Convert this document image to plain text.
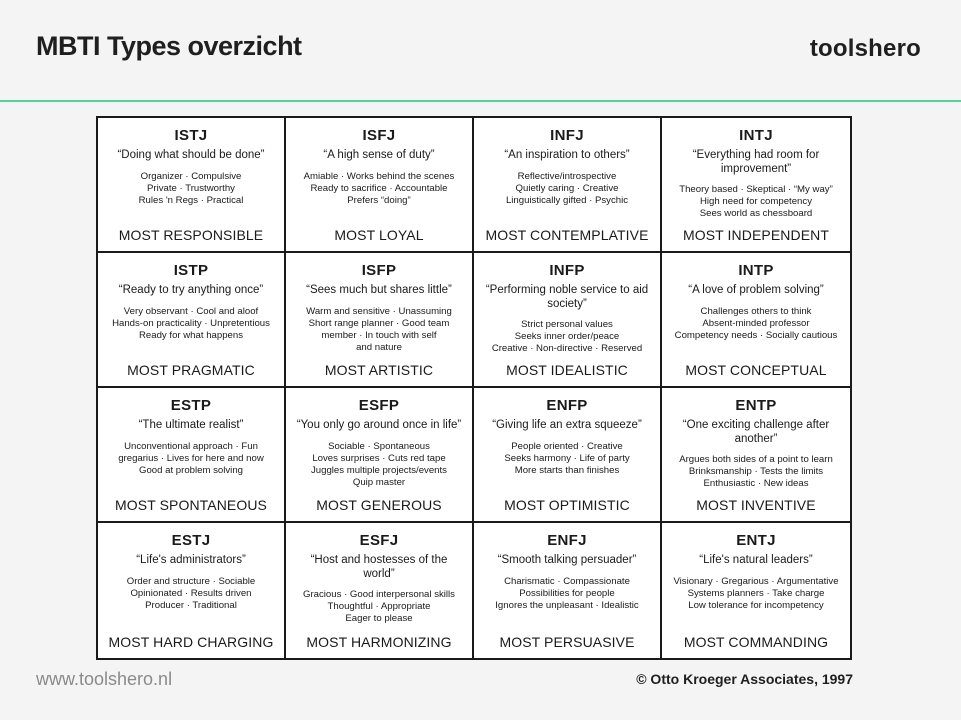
MBTI Types overzicht	toolshero
ISTJ
“Doing what should be done”
Organizer · Compulsive
Private · Trustworthy
Rules 'n Regs · Practical
MOST RESPONSIBLE
ISFJ
“A high sense of duty”
Amiable · Works behind the scenes
Ready to sacrifice · Accountable
Prefers “doing”
MOST LOYAL
INFJ
“An inspiration to others”
Reflective/introspective
Quietly caring · Creative
Linguistically gifted · Psychic
MOST CONTEMPLATIVE
INTJ
“Everything had room for improvement”
Theory based · Skeptical · “My way”
High need for competency
Sees world as chessboard
MOST INDEPENDENT
ISTP
“Ready to try anything once”
Very observant · Cool and aloof
Hands-on practicality · Unpretentious
Ready for what happens
MOST PRAGMATIC
ISFP
“Sees much but shares little”
Warm and sensitive · Unassuming
Short range planner · Good team
member · In touch with self
and nature
MOST ARTISTIC
INFP
“Performing noble service to aid society”
Strict personal values
Seeks inner order/peace
Creative · Non-directive · Reserved
MOST IDEALISTIC
INTP
“A love of problem solving”
Challenges others to think
Absent-minded professor
Competency needs · Socially cautious
MOST CONCEPTUAL
ESTP
“The ultimate realist”
Unconventional approach · Fun
gregarius · Lives for here and now
Good at problem solving
MOST SPONTANEOUS
ESFP
“You only go around once in life”
Sociable · Spontaneous
Loves surprises · Cuts red tape
Juggles multiple projects/events
Quip master
MOST GENEROUS
ENFP
“Giving life an extra squeeze”
People oriented · Creative
Seeks harmony · Life of party
More starts than finishes
MOST OPTIMISTIC
ENTP
“One exciting challenge after another”
Argues both sides of a point to learn
Brinksmanship · Tests the limits
Enthusiastic · New ideas
MOST INVENTIVE
ESTJ
“Life's administrators”
Order and structure · Sociable
Opinionated · Results driven
Producer · Traditional
MOST HARD CHARGING
ESFJ
“Host and hostesses of the world”
Gracious · Good interpersonal skills
Thoughtful · Appropriate
Eager to please
MOST HARMONIZING
ENFJ
“Smooth talking persuader”
Charismatic · Compassionate
Possibilities for people
Ignores the unpleasant · Idealistic
MOST PERSUASIVE
ENTJ
“Life's natural leaders”
Visionary · Gregarious · Argumentative
Systems planners · Take charge
Low tolerance for incompetency
MOST COMMANDING
www.toolshero.nl	© Otto Kroeger Associates, 1997
